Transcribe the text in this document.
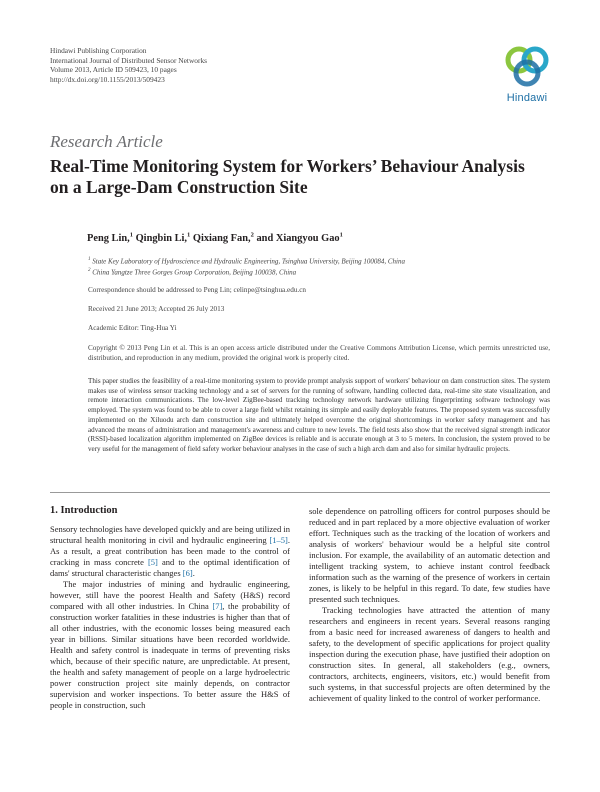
Hindawi Publishing Corporation
International Journal of Distributed Sensor Networks
Volume 2013, Article ID 509423, 10 pages
http://dx.doi.org/10.1155/2013/509423
Hindawi
Research Article
Real-Time Monitoring System for Workers’ Behaviour Analysis
on a Large-Dam Construction Site
Peng Lin,$^1$ Qingbin Li,$^1$ Qixiang Fan,$^2$ and Xiangyou Gao$^1$
$^1$ State Key Laboratory of Hydroscience and Hydraulic Engineering, Tsinghua University, Beijing 100084, China
$^2$ China Yangtze Three Gorges Group Corporation, Beijing 100038, China
Correspondence should be addressed to Peng Lin; celinpe@tsinghua.edu.cn
Received 21 June 2013; Accepted 26 July 2013
Academic Editor: Ting-Hua Yi
Copyright © 2013 Peng Lin et al. This is an open access article distributed under the Creative Commons Attribution License, which permits unrestricted use, distribution, and reproduction in any medium, provided the original work is properly cited.
This paper studies the feasibility of a real-time monitoring system to provide prompt analysis support of workers' behaviour on dam construction sites. The system makes use of wireless sensor tracking technology and a set of servers for the running of software, handling collected data, real-time site state visualization, and remote interaction communications. The low-level ZigBee-based tracking technology network hardware utilizing fingerprinting software technology was employed. The system was found to be able to cover a large field whilst retaining its simple and easily deployable features. The proposed system was successfully implemented on the Xiluodu arch dam construction site and ultimately helped overcome the original shortcomings in worker safety management and has advanced the means of administration and management's awareness and culture to new levels. The field tests also show that the received signal strength indicator (RSSI)-based localization algorithm implemented on ZigBee devices is reliable and is accurate enough at 3 to 5 meters. In conclusion, the system proved to be very useful for the management of field safety worker behaviour analyses in the case of such a high arch dam and also for similar hydraulic projects.
1. Introduction

Sensory technologies have developed quickly and are being utilized in structural health monitoring in civil and hydraulic engineering [1–5]. As a result, a great contribution has been made to the control of cracking in mass concrete [5] and to the optimal identification of dams' structural characteristic changes [6].

The major industries of mining and hydraulic engineering, however, still have the poorest Health and Safety (H&S) record compared with all other industries. In China [7], the probability of construction worker fatalities in these industries is higher than that of all other industries, with the economic losses being measured each year in billions. Similar situations have been recorded worldwide. Health and safety control is inadequate in terms of preventing risks which, because of their specific nature, are unpredictable. At present, the health and safety management of people on a large hydroelectric power construction project site mainly depends, on contractor supervision and worker inspections. To better assure the H&S of people in construction, such

sole dependence on patrolling officers for control purposes should be reduced and in part replaced by a more objective evaluation of worker effort. Techniques such as the tracking of the location of workers and analysis of workers' behaviour would be a helpful site control inclusion. For example, the availability of an automatic detection and intelligent tracking system, to achieve instant control feedback information such as the warning of the presence of workers in certain zones, is likely to be helpful in this regard. To date, few studies have presented such techniques.

Tracking technologies have attracted the attention of many researchers and engineers in recent years. Several reasons ranging from a basic need for increased awareness of dangers to health and safety, to the development of specific applications for project quality inspection during the execution phase, have justified their adoption on construction sites. In general, all stakeholders (e.g., owners, contractors, architects, engineers, visitors, etc.) would benefit from such systems, in that successful projects are often determined by the achievement of quality linked to the control of worker performance.
